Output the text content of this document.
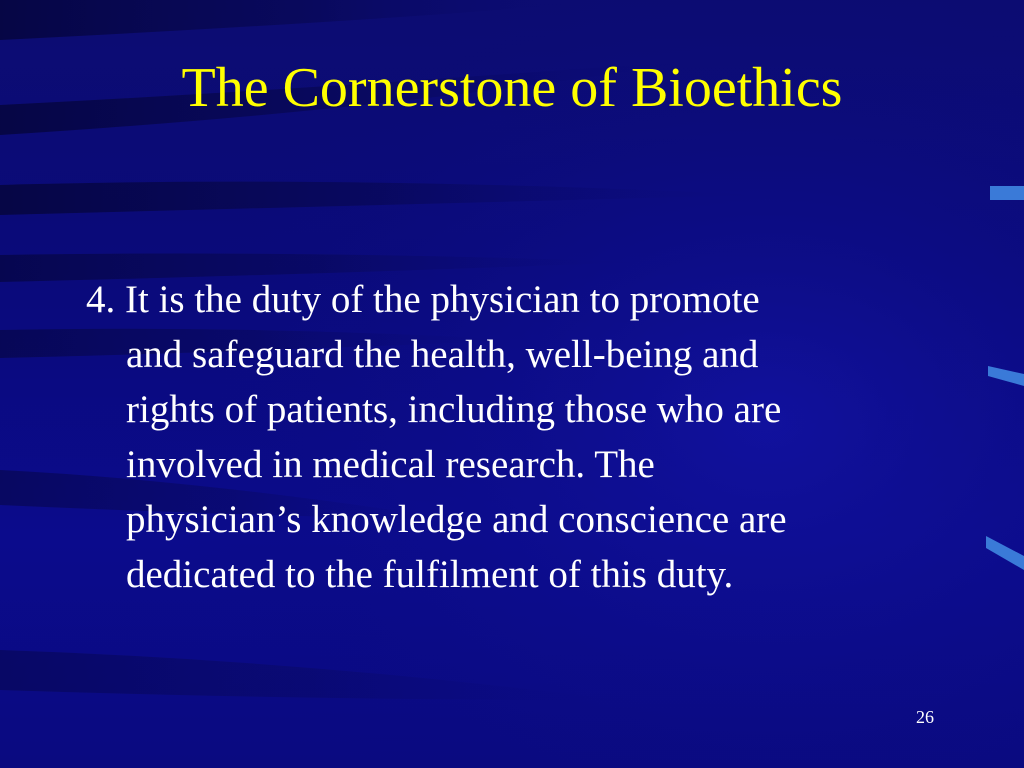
The Cornerstone of Bioethics
4. It is the duty of the physician to promote
and safeguard the health, well-being and
rights of patients, including those who are
involved in medical research. The
physician’s knowledge and conscience are
dedicated to the fulfilment of this duty.
26
